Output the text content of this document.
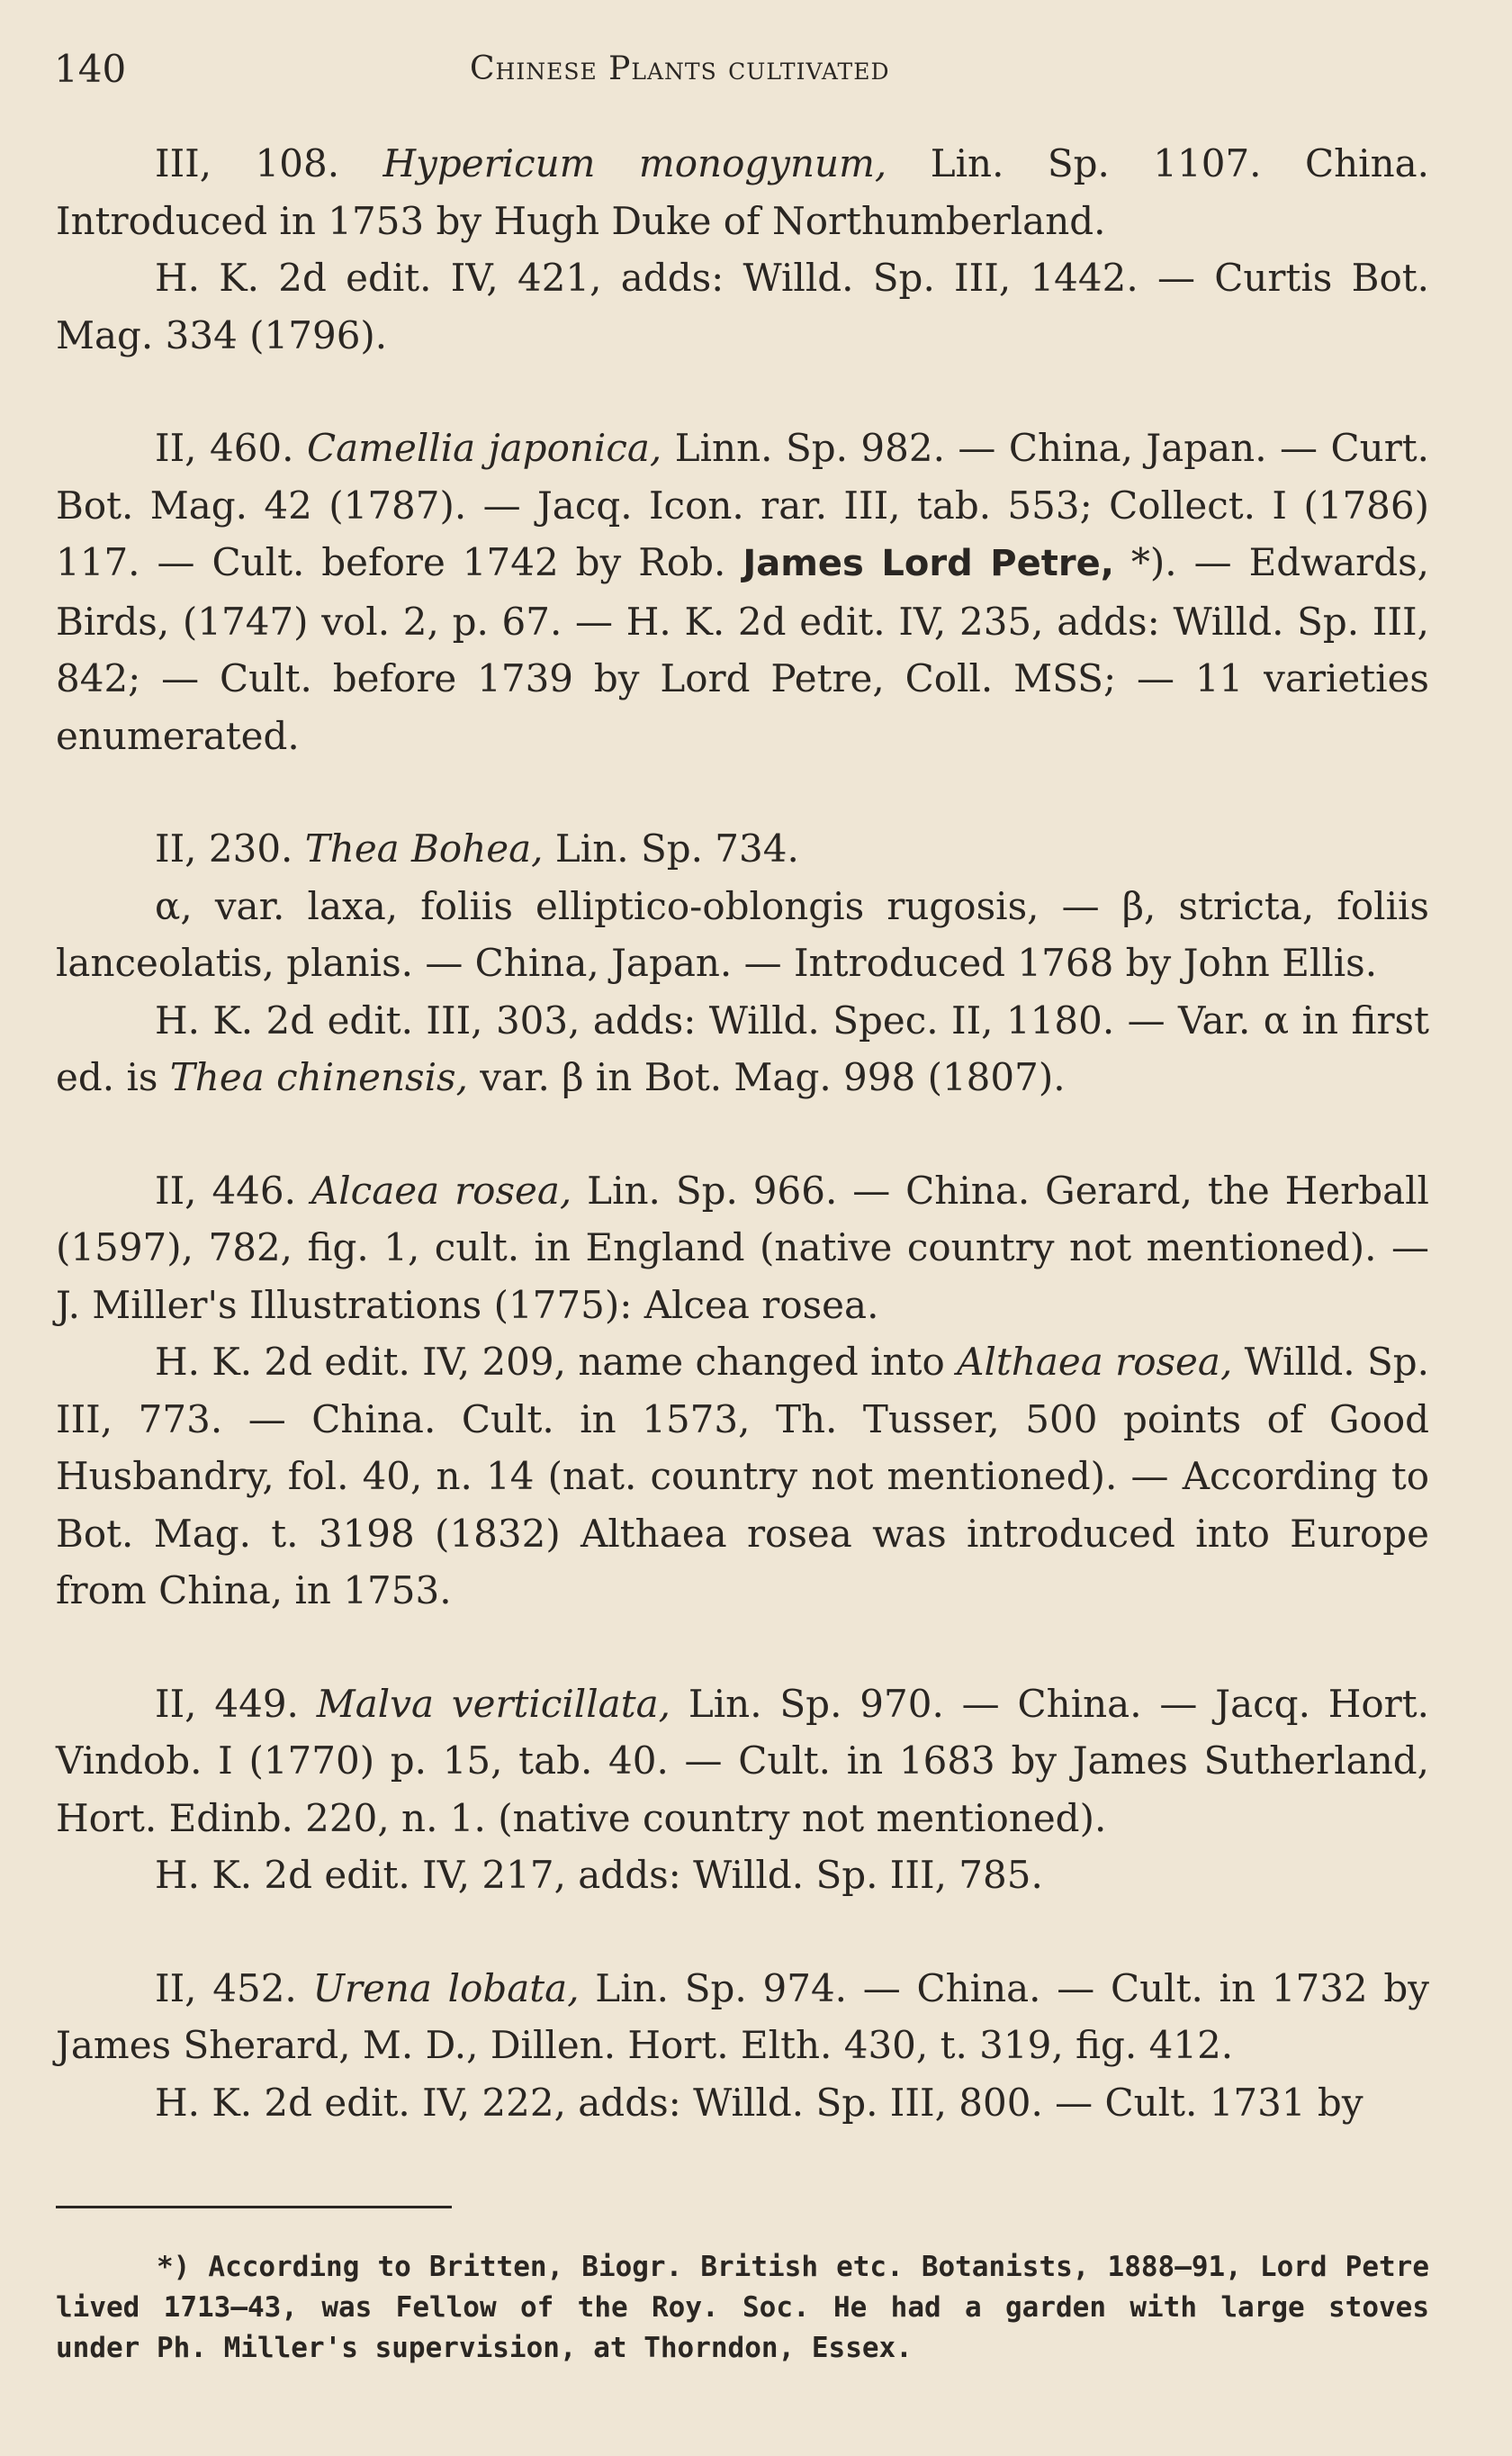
140	Chinese Plants cultivated

III, 108. Hypericum monogynum, Lin. Sp. 1107. China. Introduced in 1753 by Hugh Duke of Northumberland.

H. K. 2d edit. IV, 421, adds: Willd. Sp. III, 1442. — Curtis Bot. Mag. 334 (1796).

II, 460. Camellia japonica, Linn. Sp. 982. — China, Japan. — Curt. Bot. Mag. 42 (1787). — Jacq. Icon. rar. III, tab. 553; Collect. I (1786) 117. — Cult. before 1742 by Rob. James Lord Petre, *). — Edwards, Birds, (1747) vol. 2, p. 67. — H. K. 2d edit. IV, 235, adds: Willd. Sp. III, 842; — Cult. before 1739 by Lord Petre, Coll. MSS; — 11 varieties enumerated.

II, 230. Thea Bohea, Lin. Sp. 734.

α, var. laxa, foliis elliptico-oblongis rugosis, — β, stricta, foliis lanceolatis, planis. — China, Japan. — Introduced 1768 by John Ellis.

H. K. 2d edit. III, 303, adds: Willd. Spec. II, 1180. — Var. α in first ed. is Thea chinensis, var. β in Bot. Mag. 998 (1807).

II, 446. Alcaea rosea, Lin. Sp. 966. — China. Gerard, the Herball (1597), 782, fig. 1, cult. in England (native country not mentioned). — J. Miller's Illustrations (1775): Alcea rosea.

H. K. 2d edit. IV, 209, name changed into Althaea rosea, Willd. Sp. III, 773. — China. Cult. in 1573, Th. Tusser, 500 points of Good Husbandry, fol. 40, n. 14 (nat. country not mentioned). — According to Bot. Mag. t. 3198 (1832) Althaea rosea was introduced into Europe from China, in 1753.

II, 449. Malva verticillata, Lin. Sp. 970. — China. — Jacq. Hort. Vindob. I (1770) p. 15, tab. 40. — Cult. in 1683 by James Sutherland, Hort. Edinb. 220, n. 1. (native country not mentioned).

H. K. 2d edit. IV, 217, adds: Willd. Sp. III, 785.

II, 452. Urena lobata, Lin. Sp. 974. — China. — Cult. in 1732 by James Sherard, M. D., Dillen. Hort. Elth. 430, t. 319, fig. 412.

H. K. 2d edit. IV, 222, adds: Willd. Sp. III, 800. — Cult. 1731 by

*) According to Britten, Biogr. British etc. Botanists, 1888—91, Lord Petre lived 1713—43, was Fellow of the Roy. Soc. He had a garden with large stoves under Ph. Miller's supervision, at Thorndon, Essex.
